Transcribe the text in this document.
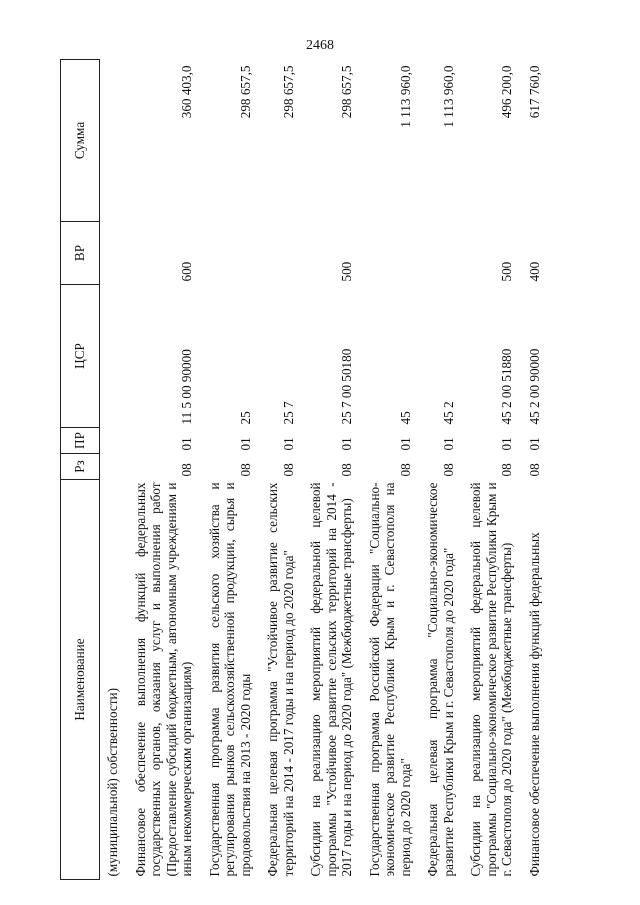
2468
Наименование	Рз	ПР	ЦСР	ВР	Сумма
(муниципальной) собственности)					
Финансовое обеспечение выполнения функций федеральных государственных органов, оказания услуг и выполнения работ (Предоставление субсидий бюджетным, автономным учреждениям и иным некоммерческим организациям)	08	01	11 5 00 90000	600	360 403,0
Государственная программа развития сельского хозяйства и регулирования рынков сельскохозяйственной продукции, сырья и продовольствия на 2013 - 2020 годы	08	01	25		298 657,5
Федеральная целевая программа "Устойчивое развитие сельских территорий на 2014 - 2017 годы и на период до 2020 года"	08	01	25 7		298 657,5
Субсидии на реализацию мероприятий федеральной целевой программы "Устойчивое развитие сельских территорий на 2014 - 2017 годы и на период до 2020 года" (Межбюджетные трансферты)	08	01	25 7 00 50180	500	298 657,5
Государственная программа Российской Федерации "Социально-экономическое развитие Республики Крым и г. Севастополя на период до 2020 года"	08	01	45		1 113 960,0
Федеральная целевая программа "Социально-экономическое развитие Республики Крым и г. Севастополя до 2020 года"	08	01	45 2		1 113 960,0
Субсидии на реализацию мероприятий федеральной целевой программы "Социально-экономическое развитие Республики Крым и г. Севастополя до 2020 года" (Межбюджетные трансферты)	08	01	45 2 00 51880	500	496 200,0
Финансовое обеспечение выполнения функций федеральных	08	01	45 2 00 90000	400	617 760,0
